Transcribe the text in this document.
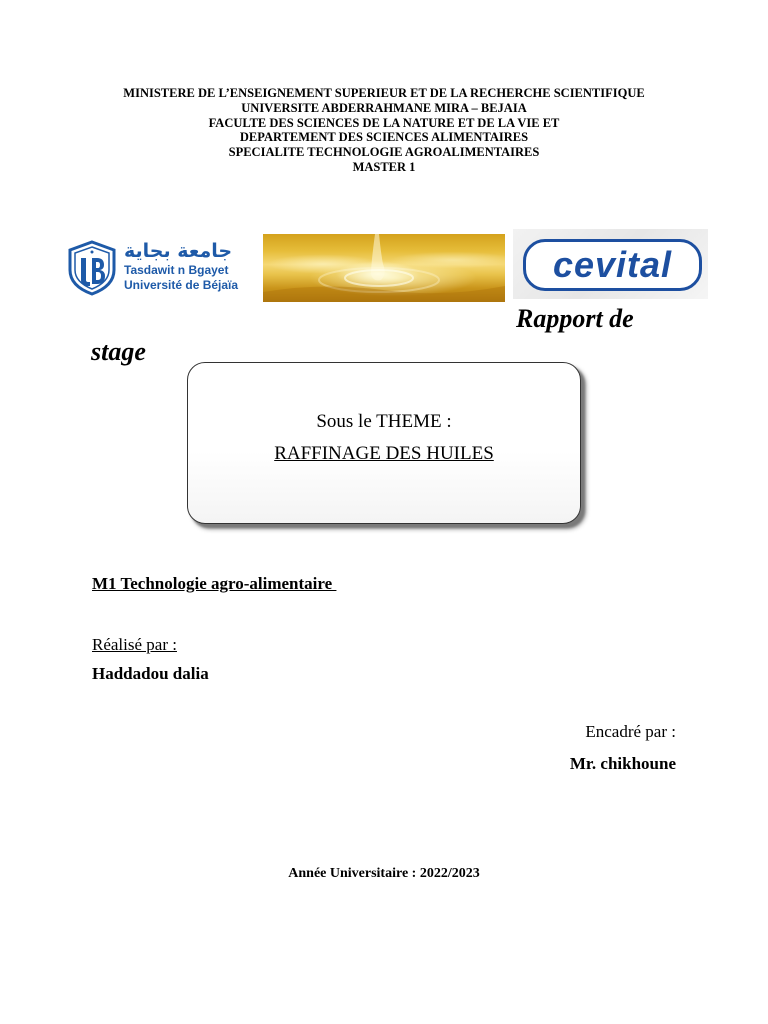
MINISTERE DE L’ENSEIGNEMENT SUPERIEUR ET DE LA RECHERCHE SCIENTIFIQUE
UNIVERSITE ABDERRAHMANE MIRA – BEJAIA
FACULTE DES SCIENCES DE LA NATURE ET DE LA VIE ET
DEPARTEMENT DES SCIENCES ALIMENTAIRES
SPECIALITE TECHNOLOGIE AGROALIMENTAIRES
MASTER 1
جامعة بجاية
Tasdawit n Bgayet
Université de Béjaïa	cevital
Rapport de
stage
Sous le THEME :
RAFFINAGE DES HUILES
M1 Technologie agro-alimentaire
Réalisé par :
Haddadou dalia
Encadré par :
Mr. chikhoune
Année Universitaire : 2022/2023
